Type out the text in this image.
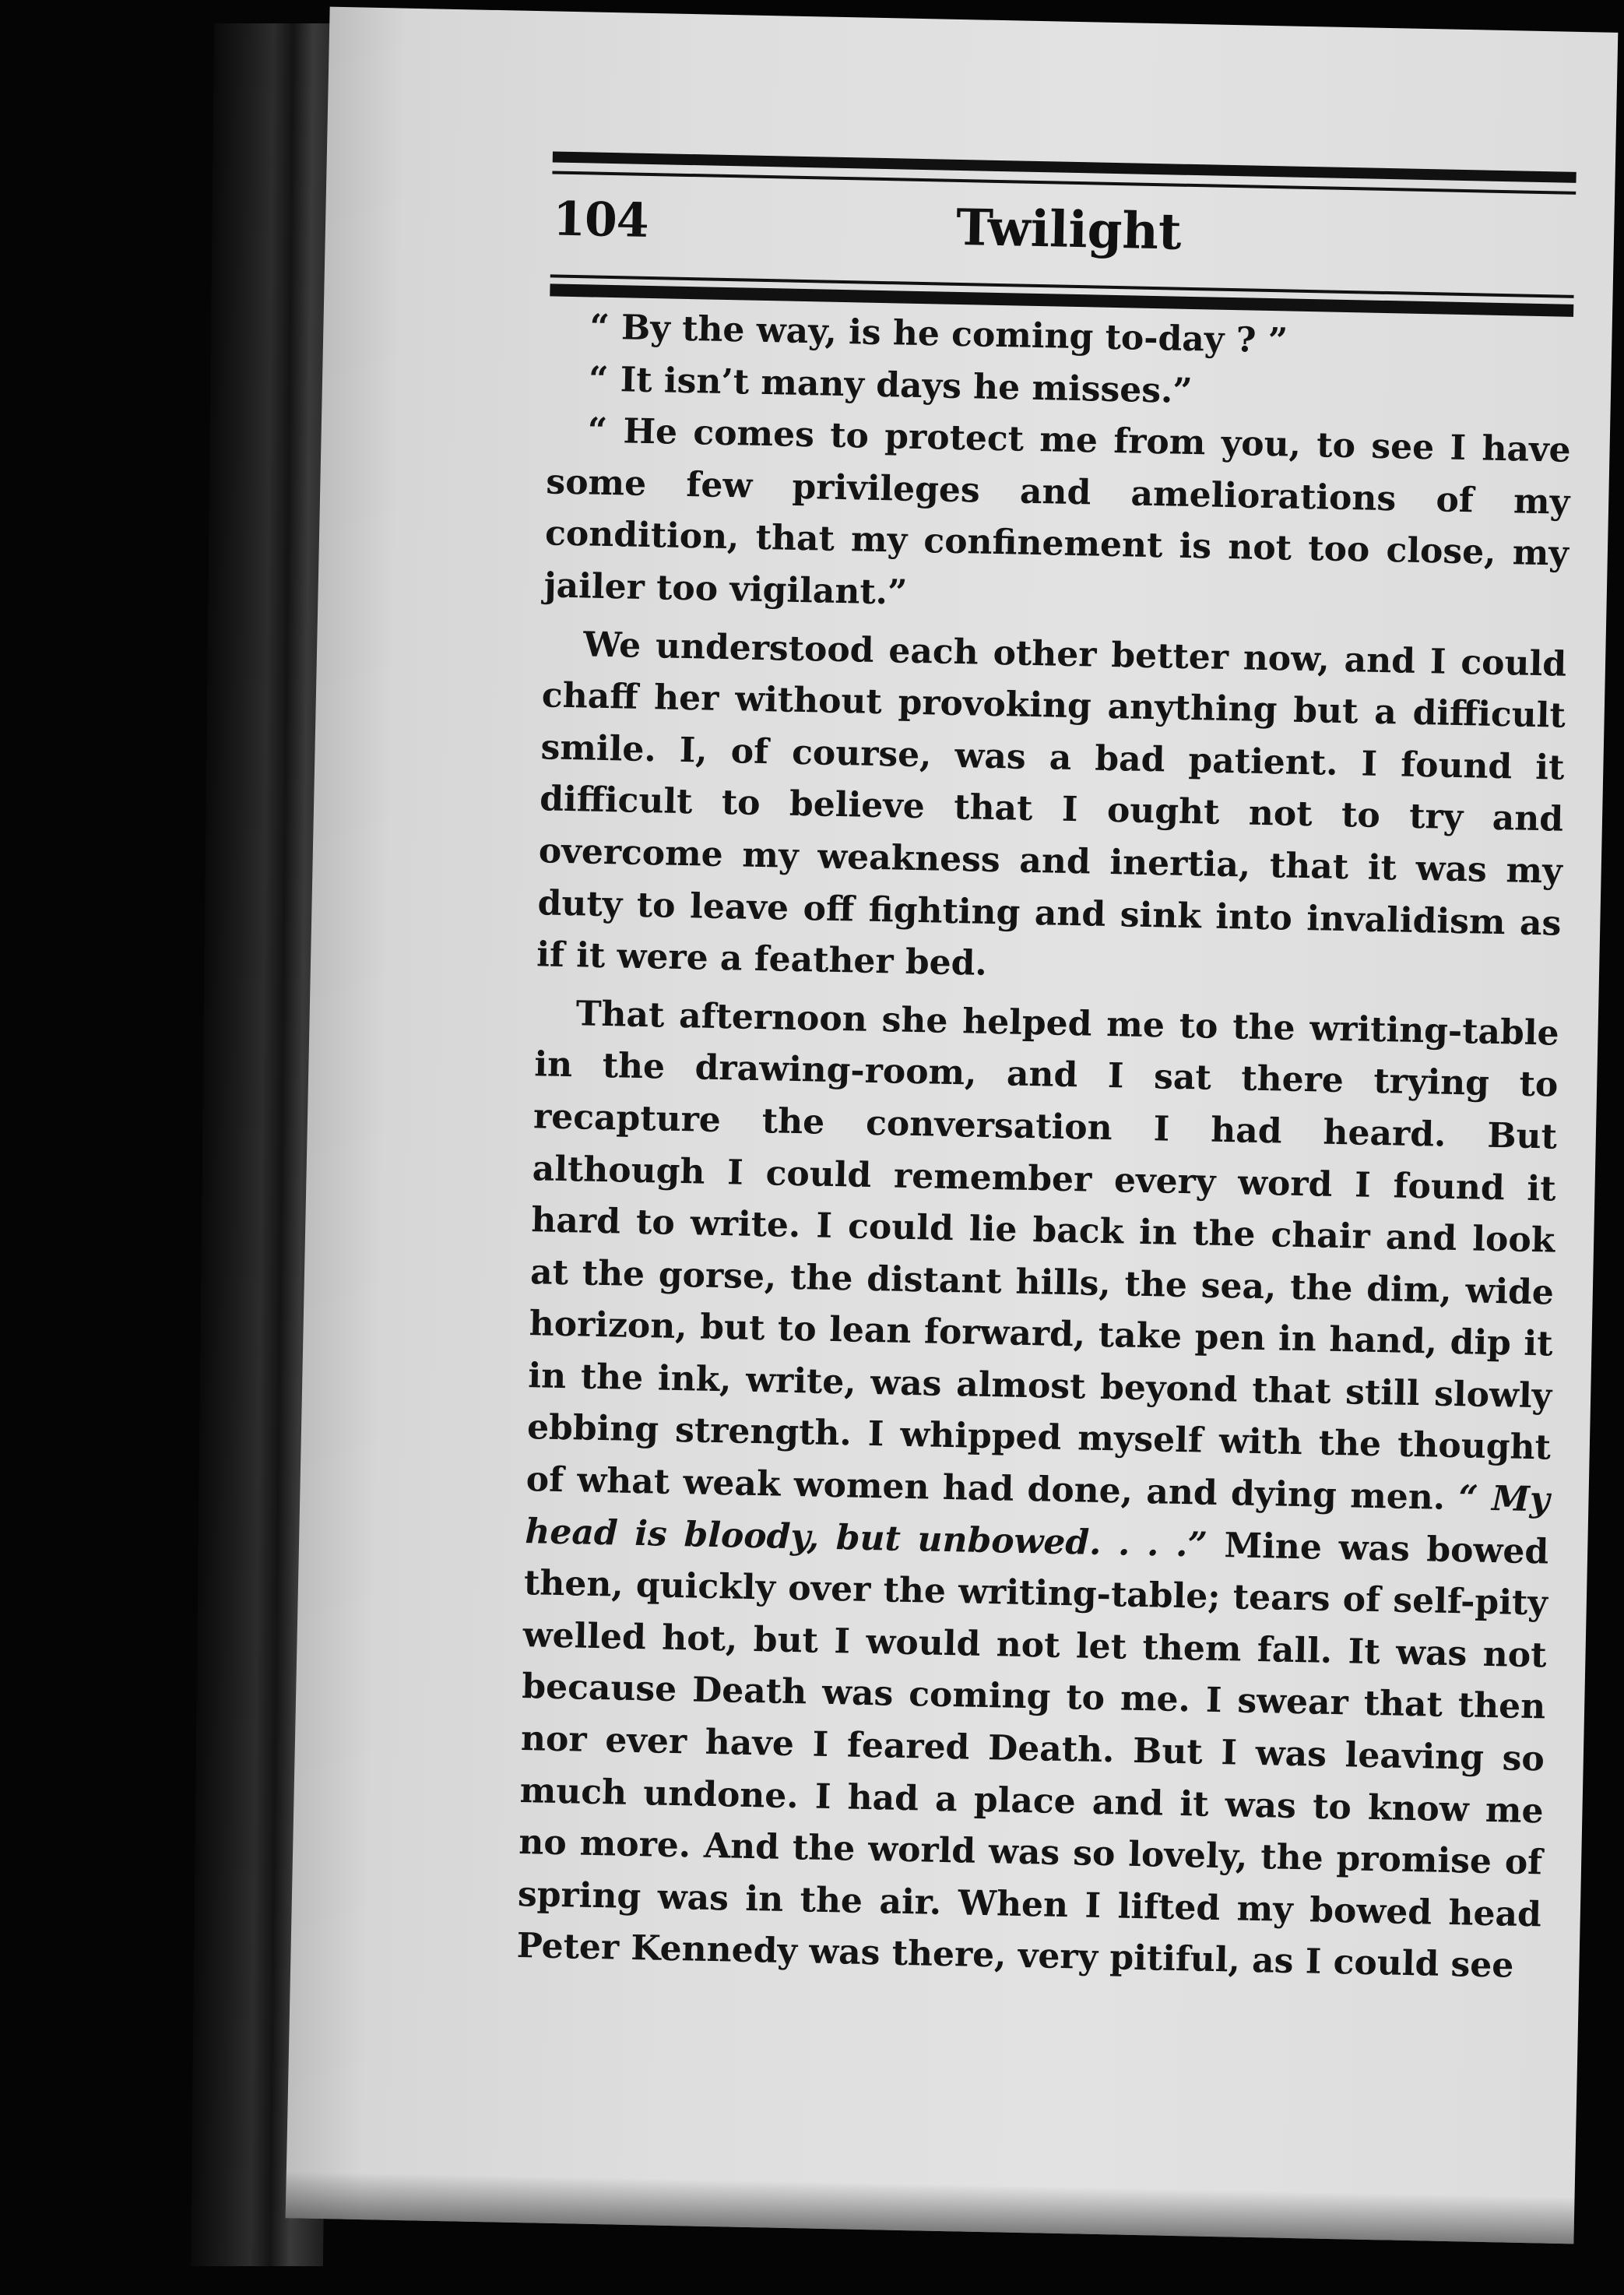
104	Twilight

“ By the way, is he coming to-day ? ”

“ It isn’t many days he misses.”

“ He comes to protect me from you, to see I have some few privileges and ameliorations of my condition, that my confinement is not too close, my jailer too vigilant.”

We understood each other better now, and I could chaff her without provoking anything but a difficult smile. I, of course, was a bad patient. I found it difficult to believe that I ought not to try and overcome my weakness and inertia, that it was my duty to leave off fighting and sink into invalidism as if it were a feather bed.

That afternoon she helped me to the writing-table in the drawing-room, and I sat there trying to recapture the conversation I had heard. But although I could remember every word I found it hard to write. I could lie back in the chair and look at the gorse, the distant hills, the sea, the dim, wide horizon, but to lean forward, take pen in hand, dip it in the ink, write, was almost beyond that still slowly ebbing strength. I whipped myself with the thought of what weak women had done, and dying men. “ My head is bloody, but unbowed. . . .” Mine was bowed then, quickly over the writing-table; tears of self-pity welled hot, but I would not let them fall. It was not because Death was coming to me. I swear that then nor ever have I feared Death. But I was leaving so much undone. I had a place and it was to know me no more. And the world was so lovely, the promise of spring was in the air. When I lifted my bowed head Peter Kennedy was there, very pitiful, as I could see
